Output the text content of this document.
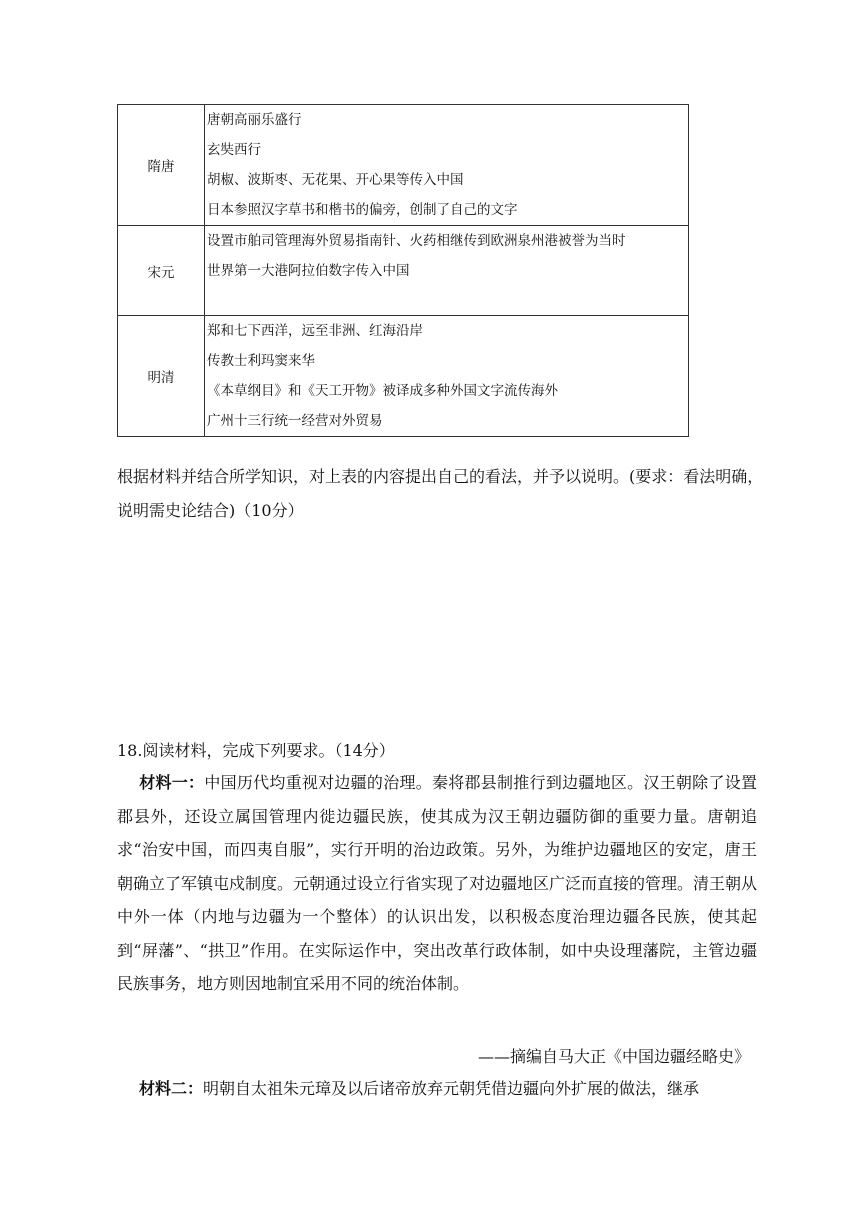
隋唐	唐朝高丽乐盛行
玄奘西行
胡椒、波斯枣、无花果、开心果等传入中国
日本参照汉字草书和楷书的偏旁，创制了自己的文字

宋元	设置市舶司管理海外贸易指南针、火药相继传到欧洲泉州港被誉为当时
世界第一大港阿拉伯数字传入中国

明清	郑和七下西洋，远至非洲、红海沿岸
传教士利玛窦来华
《本草纲目》和《天工开物》被译成多种外国文字流传海外
广州十三行统一经营对外贸易
根据材料并结合所学知识，对上表的内容提出自己的看法，并予以说明。(要求：看法明确，说明需史论结合)（10分）
18.阅读材料，完成下列要求。（14分）
材料一：中国历代均重视对边疆的治理。秦将郡县制推行到边疆地区。汉王朝除了设置郡县外，还设立属国管理内徙边疆民族，使其成为汉王朝边疆防御的重要力量。唐朝追求“治安中国，而四夷自服”，实行开明的治边政策。另外，为维护边疆地区的安定，唐王朝确立了军镇屯戍制度。元朝通过设立行省实现了对边疆地区广泛而直接的管理。清王朝从中外一体（内地与边疆为一个整体）的认识出发，以积极态度治理边疆各民族，使其起到“屏藩”、“拱卫”作用。在实际运作中，突出改革行政体制，如中央设理藩院，主管边疆民族事务，地方则因地制宜采用不同的统治体制。
——摘编自马大正《中国边疆经略史》
材料二：明朝自太祖朱元璋及以后诸帝放弃元朝凭借边疆向外扩展的做法，继承
